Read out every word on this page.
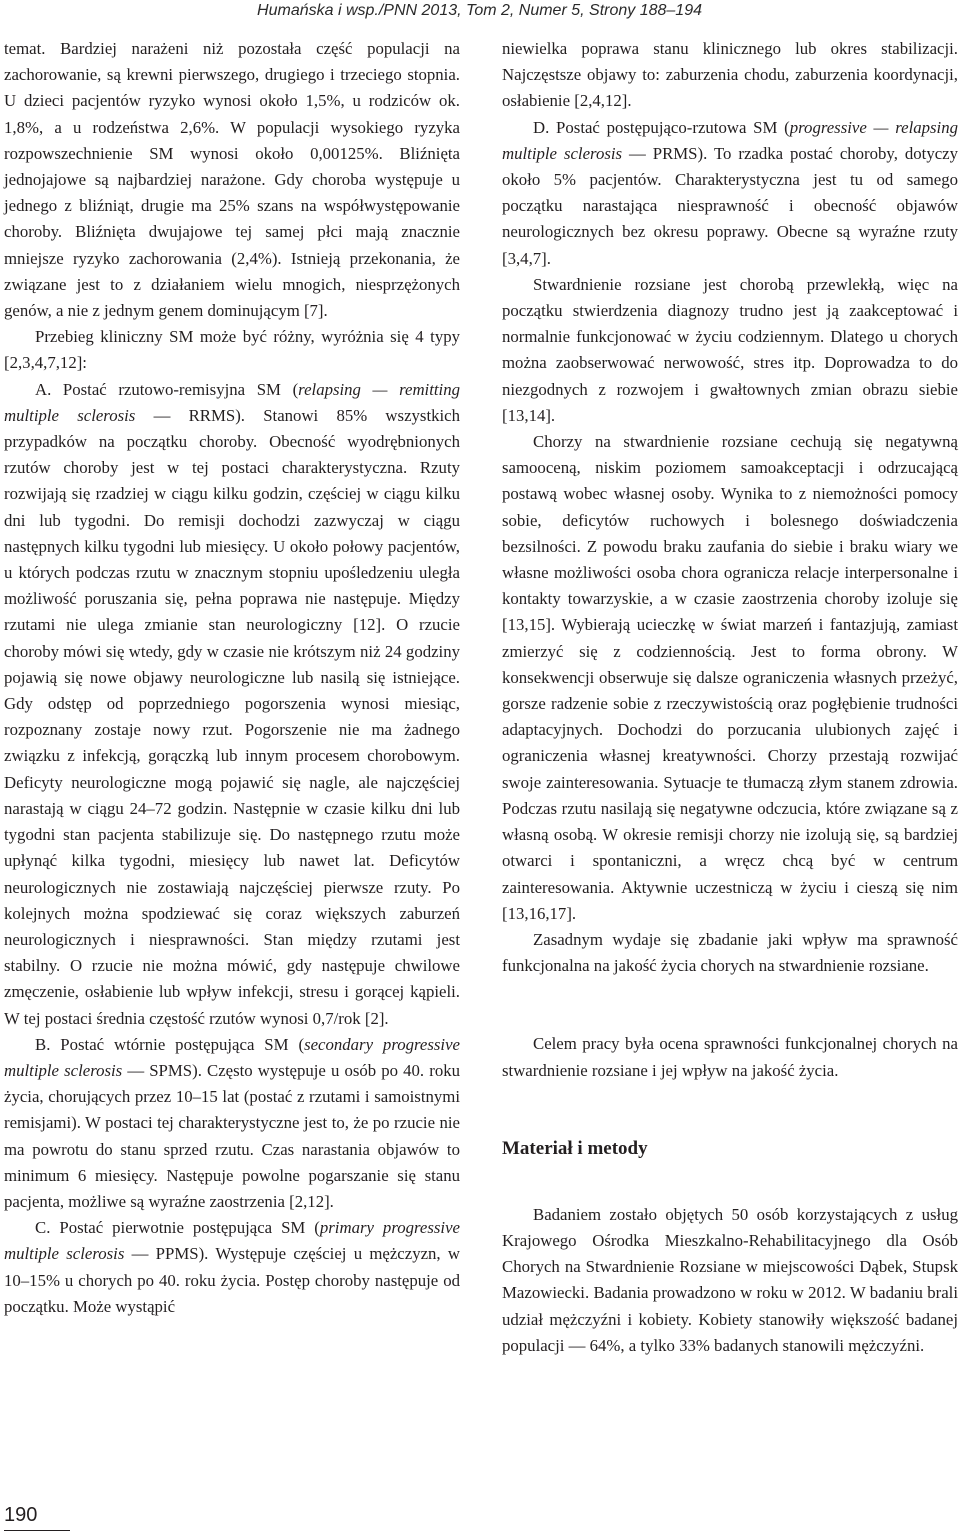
Humańska i wsp./PNN 2013, Tom 2, Numer 5, Strony 188–194

temat. Bardziej narażeni niż pozostała część populacji na zachorowanie, są krewni pierwszego, drugiego i trzeciego stopnia. U dzieci pacjentów ryzyko wynosi około 1,5%, u rodziców ok. 1,8%, a u rodzeństwa 2,6%. W populacji wysokiego ryzyka rozpowszechnienie SM wynosi około 0,00125%. Bliźnięta jednojajowe są najbardziej narażone. Gdy choroba występuje u jednego z bliźniąt, drugie ma 25% szans na współwystępowanie choroby. Bliźnięta dwujajowe tej samej płci mają znacznie mniejsze ryzyko zachorowania (2,4%). Istnieją przekonania, że związane jest to z działaniem wielu mnogich, niesprzężonych genów, a nie z jednym genem dominującym [7].

Przebieg kliniczny SM może być różny, wyróżnia się 4 typy [2,3,4,7,12]:

A. Postać rzutowo-remisyjna SM (relapsing — remitting multiple sclerosis — RRMS). Stanowi 85% wszystkich przypadków na początku choroby. Obecność wyodrębnionych rzutów choroby jest w tej postaci charakterystyczna. Rzuty rozwijają się rzadziej w ciągu kilku godzin, częściej w ciągu kilku dni lub tygodni. Do remisji dochodzi zazwyczaj w ciągu następnych kilku tygodni lub miesięcy. U około połowy pacjentów, u których podczas rzutu w znacznym stopniu upośledzeniu uległa możliwość poruszania się, pełna poprawa nie następuje. Między rzutami nie ulega zmianie stan neurologiczny [12]. O rzucie choroby mówi się wtedy, gdy w czasie nie krótszym niż 24 godziny pojawią się nowe objawy neurologiczne lub nasilą się istniejące. Gdy odstęp od poprzedniego pogorszenia wynosi miesiąc, rozpoznany zostaje nowy rzut. Pogorszenie nie ma żadnego związku z infekcją, gorączką lub innym procesem chorobowym. Deficyty neurologiczne mogą pojawić się nagle, ale najczęściej narastają w ciągu 24–72 godzin. Następnie w czasie kilku dni lub tygodni stan pacjenta stabilizuje się. Do następnego rzutu może upłynąć kilka tygodni, miesięcy lub nawet lat. Deficytów neurologicznych nie zostawiają najczęściej pierwsze rzuty. Po kolejnych można spodziewać się coraz większych zaburzeń neurologicznych i niesprawności. Stan między rzutami jest stabilny. O rzucie nie można mówić, gdy następuje chwilowe zmęczenie, osłabienie lub wpływ infekcji, stresu i gorącej kąpieli. W tej postaci średnia częstość rzutów wynosi 0,7/rok [2].

B. Postać wtórnie postępująca SM (secondary progressive multiple sclerosis — SPMS). Często występuje u osób po 40. roku życia, chorujących przez 10–15 lat (postać z rzutami i samoistnymi remisjami). W postaci tej charakterystyczne jest to, że po rzucie nie ma powrotu do stanu sprzed rzutu. Czas narastania objawów to minimum 6 miesięcy. Następuje powolne pogarszanie się stanu pacjenta, możliwe są wyraźne zaostrzenia [2,12].

C. Postać pierwotnie postępująca SM (primary progressive multiple sclerosis — PPMS). Występuje częściej u mężczyzn, w 10–15% u chorych po 40. roku życia. Postęp choroby następuje od początku. Może wystąpić

niewielka poprawa stanu klinicznego lub okres stabilizacji. Najczęstsze objawy to: zaburzenia chodu, zaburzenia koordynacji, osłabienie [2,4,12].

D. Postać postępująco-rzutowa SM (progressive — relapsing multiple sclerosis — PRMS). To rzadka postać choroby, dotyczy około 5% pacjentów. Charakterystyczna jest tu od samego początku narastająca niesprawność i obecność objawów neurologicznych bez okresu poprawy. Obecne są wyraźne rzuty [3,4,7].

Stwardnienie rozsiane jest chorobą przewlekłą, więc na początku stwierdzenia diagnozy trudno jest ją zaakceptować i normalnie funkcjonować w życiu codziennym. Dlatego u chorych można zaobserwować nerwowość, stres itp. Doprowadza to do niezgodnych z rozwojem i gwałtownych zmian obrazu siebie [13,14].

Chorzy na stwardnienie rozsiane cechują się negatywną samooceną, niskim poziomem samoakceptacji i odrzucającą postawą wobec własnej osoby. Wynika to z niemożności pomocy sobie, deficytów ruchowych i bolesnego doświadczenia bezsilności. Z powodu braku zaufania do siebie i braku wiary we własne możliwości osoba chora ogranicza relacje interpersonalne i kontakty towarzyskie, a w czasie zaostrzenia choroby izoluje się [13,15]. Wybierają ucieczkę w świat marzeń i fantazjują, zamiast zmierzyć się z codziennością. Jest to forma obrony. W konsekwencji obserwuje się dalsze ograniczenia własnych przeżyć, gorsze radzenie sobie z rzeczywistością oraz pogłębienie trudności adaptacyjnych. Dochodzi do porzucania ulubionych zajęć i ograniczenia własnej kreatywności. Chorzy przestają rozwijać swoje zainteresowania. Sytuacje te tłumaczą złym stanem zdrowia. Podczas rzutu nasilają się negatywne odczucia, które związane są z własną osobą. W okresie remisji chorzy nie izolują się, są bardziej otwarci i spontaniczni, a wręcz chcą być w centrum zainteresowania. Aktywnie uczestniczą w życiu i cieszą się nim [13,16,17].

Zasadnym wydaje się zbadanie jaki wpływ ma sprawność funkcjonalna na jakość życia chorych na stwardnienie rozsiane.

Celem pracy była ocena sprawności funkcjonalnej chorych na stwardnienie rozsiane i jej wpływ na jakość życia.

Materiał i metody

Badaniem zostało objętych 50 osób korzystających z usług Krajowego Ośrodka Mieszkalno-Rehabilitacyjnego dla Osób Chorych na Stwardnienie Rozsiane w miejscowości Dąbek, Stupsk Mazowiecki. Badania prowadzono w roku w 2012. W badaniu brali udział mężczyźni i kobiety. Kobiety stanowiły większość badanej populacji — 64%, a tylko 33% badanych stanowili mężczyźni.

190
